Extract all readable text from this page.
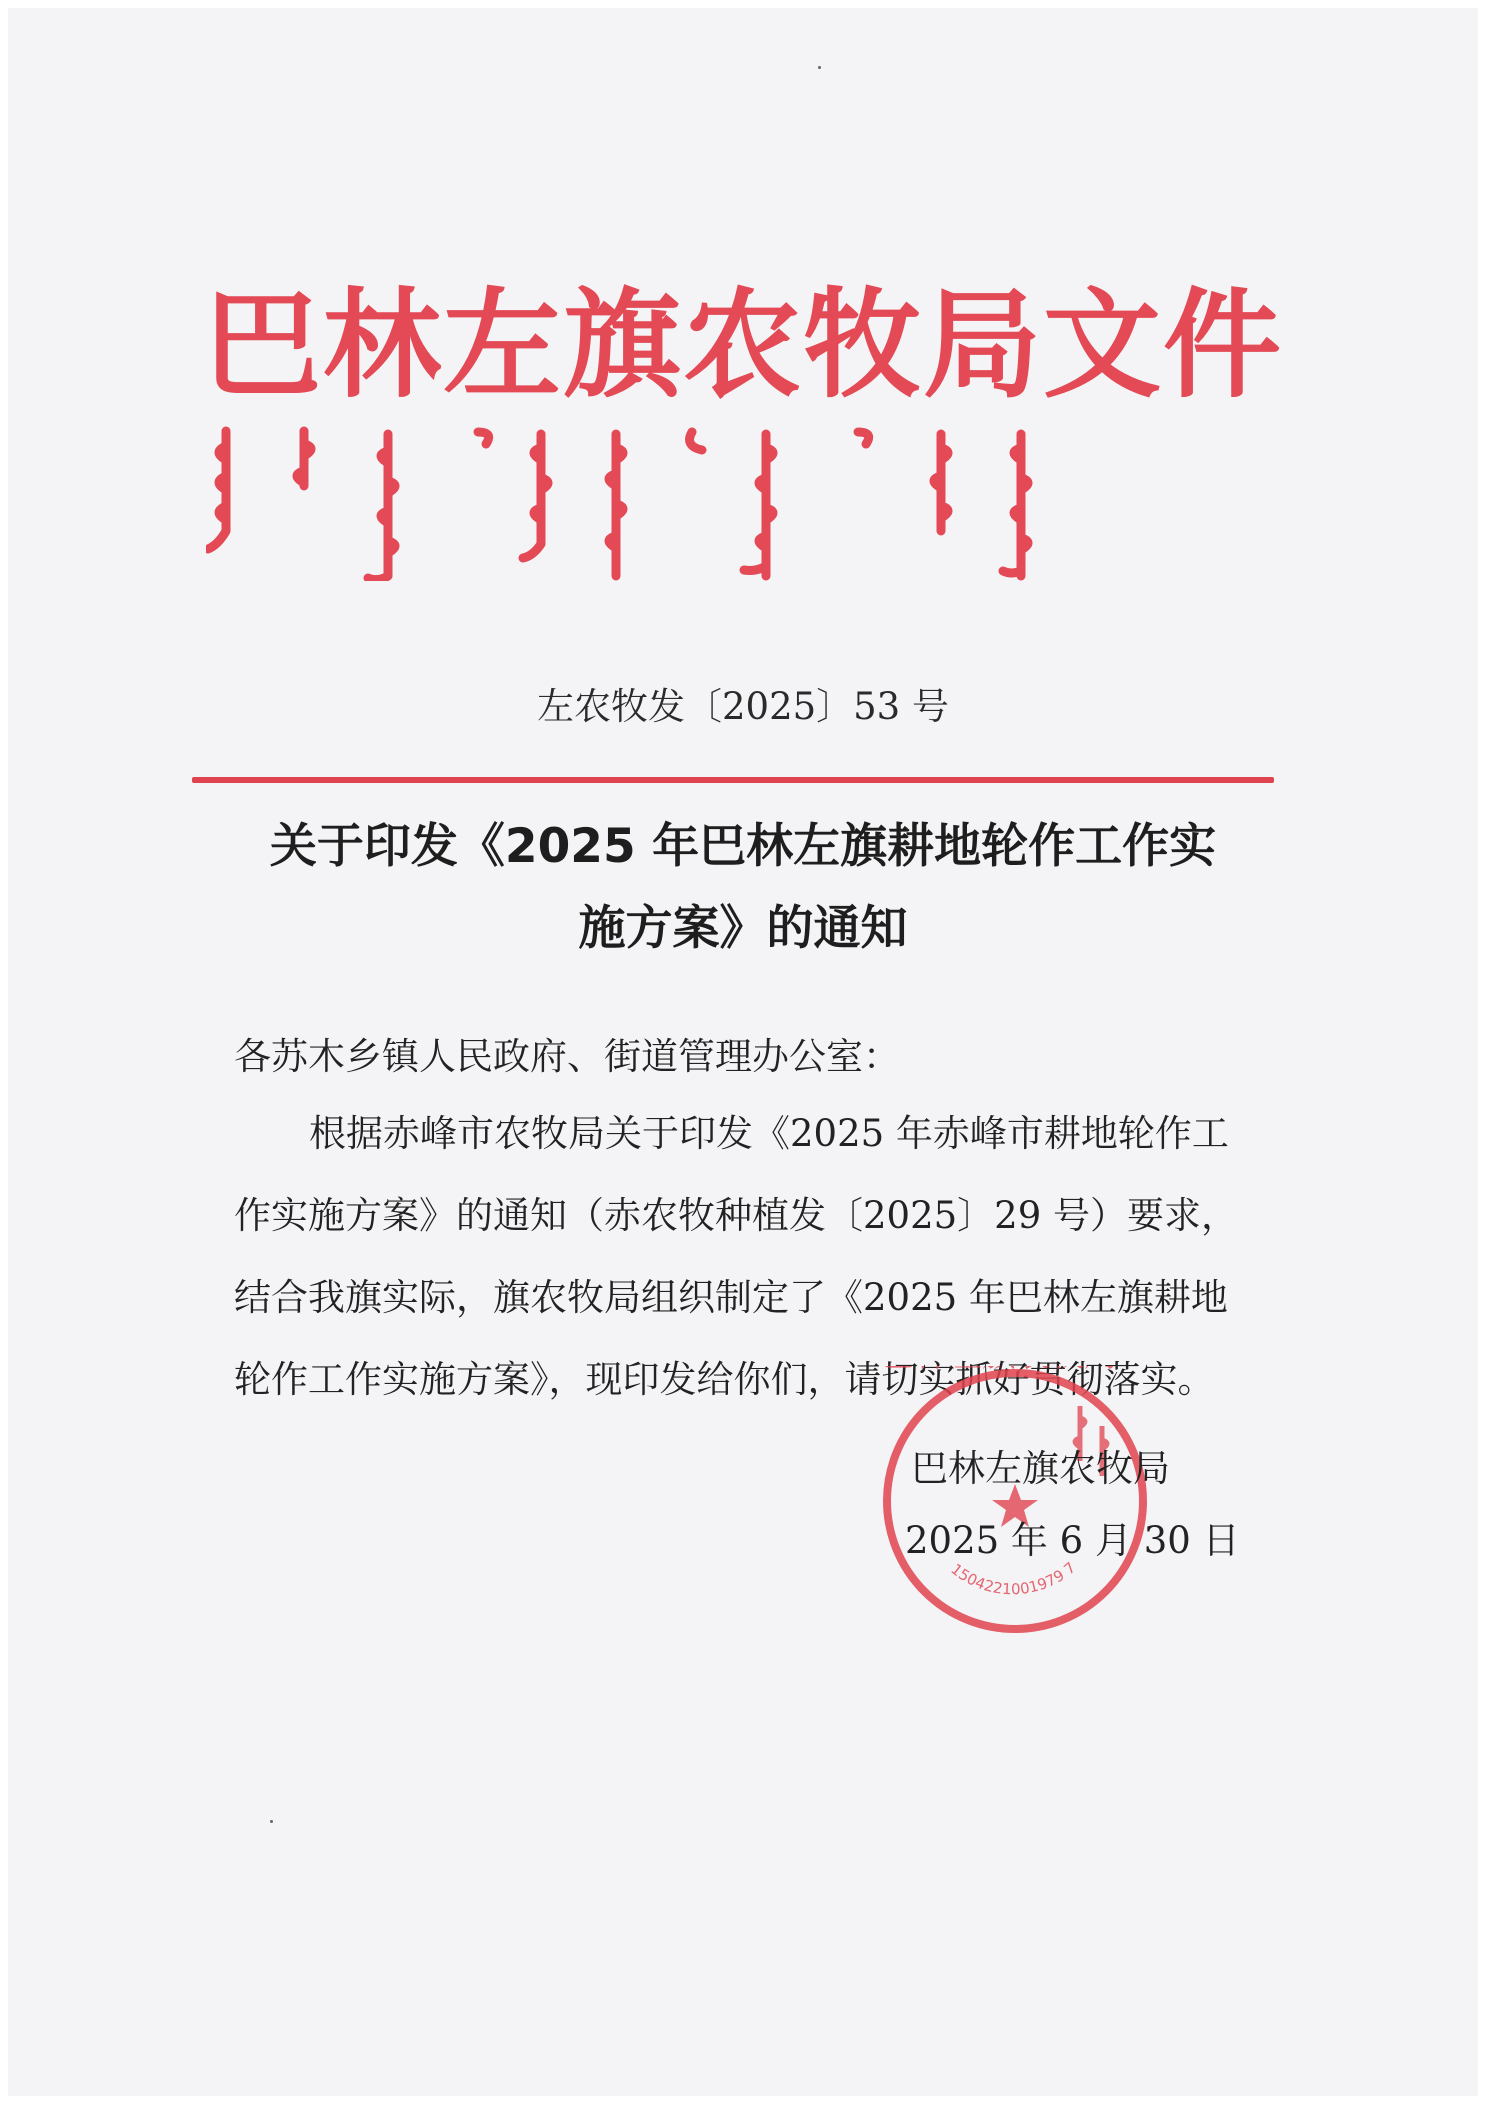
巴林左旗农牧局文件
左农牧发〔2025〕53 号
关于印发《2025 年巴林左旗耕地轮作工作实
施方案》的通知
各苏木乡镇人民政府、街道管理办公室：
根据赤峰市农牧局关于印发《2025 年赤峰市耕地轮作工
作实施方案》的通知（赤农牧种植发〔2025〕29 号）要求，
结合我旗实际，旗农牧局组织制定了《2025 年巴林左旗耕地
轮作工作实施方案》，现印发给你们，请切实抓好贯彻落实。
1504221001979 7
巴林左旗农牧局
2025 年 6 月 30 日
